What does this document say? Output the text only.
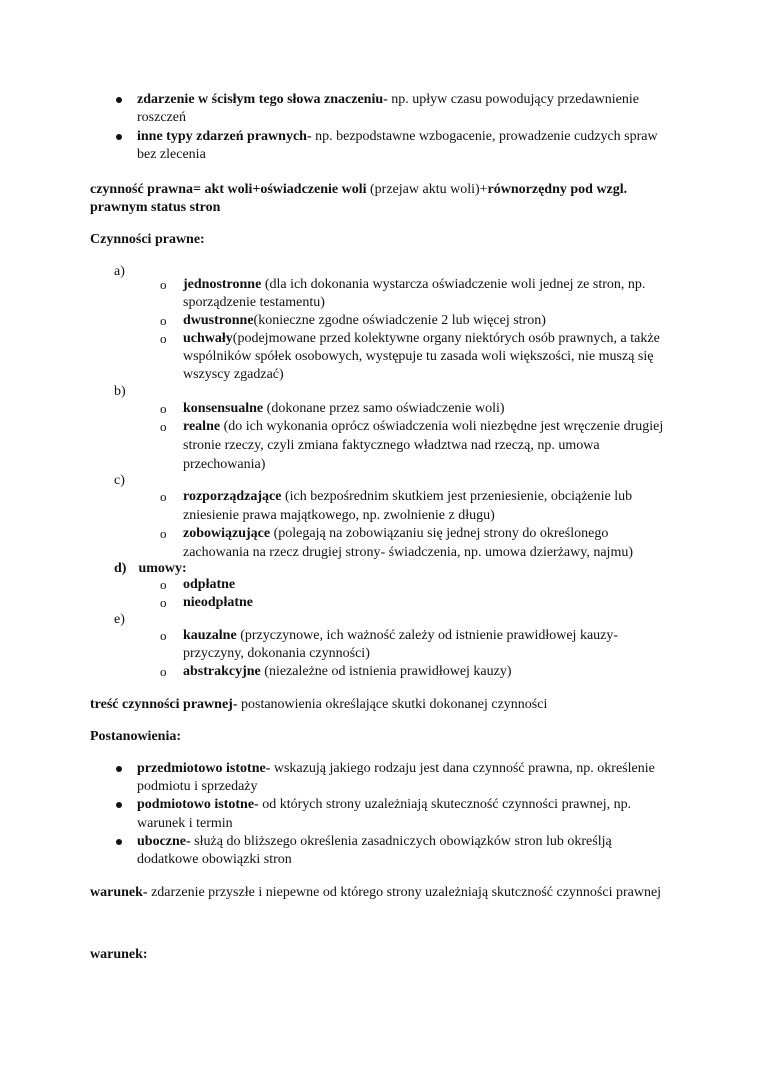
zdarzenie w ścisłym tego słowa znaczeniu- np. upływ czasu powodujący przedawnienie
roszczeń
inne typy zdarzeń prawnych- np. bezpodstawne wzbogacenie, prowadzenie cudzych spraw
bez zlecenia
czynność prawna= akt woli+oświadczenie woli (przejaw aktu woli)+równorzędny pod wzgl.
prawnym status stron
Czynności prawne:
a)
o jednostronne (dla ich dokonania wystarcza oświadczenie woli jednej ze stron, np.
sporządzenie testamentu)
o dwustronne(konieczne zgodne oświadczenie 2 lub więcej stron)
o uchwały(podejmowane przed kolektywne organy niektórych osób prawnych, a także
wspólników spółek osobowych, występuje tu zasada woli większości, nie muszą się
wszyscy zgadzać)
b)
o konsensualne (dokonane przez samo oświadczenie woli)
o realne (do ich wykonania oprócz oświadczenia woli niezbędne jest wręczenie drugiej
stronie rzeczy, czyli zmiana faktycznego władztwa nad rzeczą, np. umowa
przechowania)
c)
o rozporządzające (ich bezpośrednim skutkiem jest przeniesienie, obciążenie lub
zniesienie prawa majątkowego, np. zwolnienie z długu)
o zobowiązujące (polegają na zobowiązaniu się jednej strony do określonego
zachowania na rzecz drugiej strony- świadczenia, np. umowa dzierżawy, najmu)
d) umowy:
o odpłatne
o nieodpłatne
e)
o kauzalne (przyczynowe, ich ważność zależy od istnienie prawidłowej kauzy-
przyczyny, dokonania czynności)
o abstrakcyjne (niezależne od istnienia prawidłowej kauzy)
treść czynności prawnej- postanowienia określające skutki dokonanej czynności
Postanowienia:
przedmiotowo istotne- wskazują jakiego rodzaju jest dana czynność prawna, np. określenie
podmiotu i sprzedaży
podmiotowo istotne- od których strony uzależniają skuteczność czynności prawnej, np.
warunek i termin
uboczne- służą do bliższego określenia zasadniczych obowiązków stron lub określją
dodatkowe obowiązki stron
warunek- zdarzenie przyszłe i niepewne od którego strony uzależniają skutczność czynności prawnej
warunek:
